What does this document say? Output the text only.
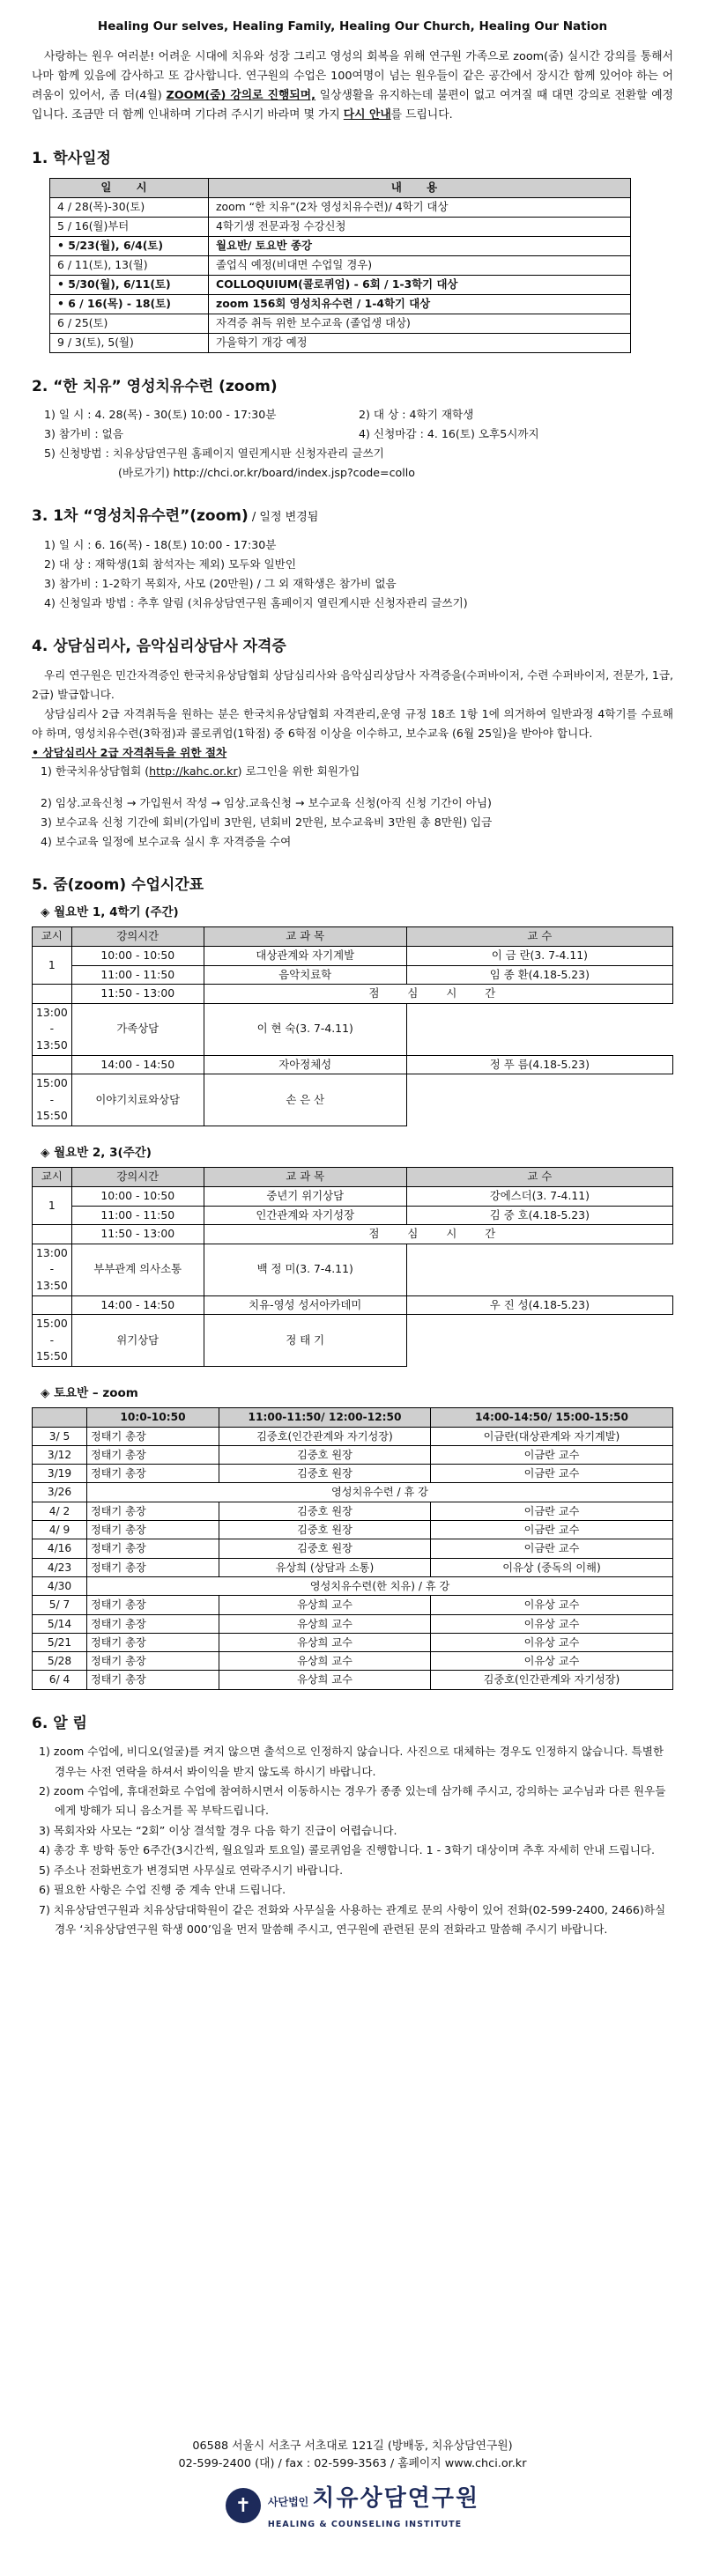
Healing Our selves, Healing Family, Healing Our Church, Healing Our Nation
사랑하는 원우 여러분! 어려운 시대에 치유와 성장 그리고 영성의 회복을 위해 연구원 가족으로 zoom(줌) 실시간 강의를 통해서나마 함께 있음에 감사하고 또 감사합니다. 연구원의 수업은 100여명이 넘는 원우들이 같은 공간에서 장시간 함께 있어야 하는 어려움이 있어서, 좀 더(4월) ZOOM(줌) 강의로 진행되며, 일상생활을 유지하는데 불편이 없고 여겨질 때 대면 강의로 전환할 예정입니다. 조금만 더 함께 인내하며 기다려 주시기 바라며 몇 가지 다시 안내를 드립니다.
1. 학사일정
일 시	내 용
4 / 28(목)-30(토)	zoom “한 치유”(2차 영성치유수련)/ 4학기 대상
5 / 16(월)부터	4학기생 전문과정 수강신청
• 5/23(월), 6/4(토)	월요반/ 토요반 종강
6 / 11(토), 13(월)	졸업식 예정(비대면 수업일 경우)
• 5/30(월), 6/11(토)	COLLOQUIUM(콜로퀴엄) - 6회 / 1-3학기 대상
• 6 / 16(목) - 18(토)	zoom 156회 영성치유수련 / 1-4학기 대상
6 / 25(토)	자격증 취득 위한 보수교육 (졸업생 대상)
9 / 3(토), 5(월)	가을학기 개강 예정
2. “한 치유” 영성치유수련 (zoom)
1) 일 시 : 4. 28(목) - 30(토) 10:00 - 17:30분	2) 대 상 : 4학기 재학생
3) 참가비 : 없음	4) 신청마감 : 4. 16(토) 오후5시까지
5) 신청방법 : 치유상담연구원 홈페이지 열린게시판 신청자관리 글쓰기
(바로가기) http://chci.or.kr/board/index.jsp?code=collo
3. 1차 “영성치유수련”(zoom) / 일정 변경됨
1) 일 시 : 6. 16(목) - 18(토) 10:00 - 17:30분
2) 대 상 : 재학생(1회 참석자는 제외) 모두와 일반인
3) 참가비 : 1-2학기 목회자, 사모 (20만원) / 그 외 재학생은 참가비 없음
4) 신청일과 방법 : 추후 알림 (치유상담연구원 홈페이지 열린게시판 신청자관리 글쓰기)
4. 상담심리사, 음악심리상담사 자격증
우리 연구원은 민간자격증인 한국치유상담협회 상담심리사와 음악심리상담사 자격증을(수퍼바이저, 수련 수퍼바이저, 전문가, 1급, 2급) 발급합니다.
상담심리사 2급 자격취득을 원하는 분은 한국치유상담협회 자격관리,운영 규정 18조 1항 1에 의거하여 일반과정 4학기를 수료해야 하며, 영성치유수련(3학점)과 콜로퀴엄(1학점) 중 6학점 이상을 이수하고, 보수교육 (6월 25일)을 받아야 합니다.
• 상담심리사 2급 자격취득을 위한 절차
1) 한국치유상담협회 (http://kahc.or.kr) 로그인을 위한 회원가입
2) 임상.교육신청 → 가입원서 작성 → 임상.교육신청 → 보수교육 신청(아직 신청 기간이 아님)
3) 보수교육 신청 기간에 회비(가입비 3만원, 년회비 2만원, 보수교육비 3만원 총 8만원) 입금
4) 보수교육 일정에 보수교육 실시 후 자격증을 수여
5. 줌(zoom) 수업시간표
◈ 월요반 1, 4학기 (주간)
교시	강의시간	교 과 목	교 수
1	10:00 - 10:50	대상관계와 자기계발	이 금 란(3. 7-4.11)
	11:00 - 11:50	음악치료학	임 종 환(4.18-5.23)
	11:50 - 13:00	점 심 시 간	
13:00 - 13:50	가족상담	이 현 숙(3. 7-4.11)	
	14:00 - 14:50	자아정체성	정 푸 름(4.18-5.23)
15:00 - 15:50	이야기치료와상담	손 은 산	
◈ 월요반 2, 3(주간)
교시	강의시간	교 과 목	교 수
1	10:00 - 10:50	중년기 위기상담	강에스더(3. 7-4.11)
	11:00 - 11:50	인간관계와 자기성장	김 중 호(4.18-5.23)
	11:50 - 13:00	점 심 시 간	
13:00 - 13:50	부부관계 의사소통	백 정 미(3. 7-4.11)	
	14:00 - 14:50	치유-영성 성서아카데미	우 진 성(4.18-5.23)
15:00 - 15:50	위기상담	정 태 기	
◈ 토요반 – zoom
	10:0-10:50	11:00-11:50/ 12:00-12:50	14:00-14:50/ 15:00-15:50
3/ 5	정태기 총장	김중호(인간관계와 자기성장)	이금란(대상관계와 자기계발)
3/12	정태기 총장	김중호 원장	이금란 교수
3/19	정태기 총장	김중호 원장	이금란 교수
3/26	영성치유수련 / 휴 강		
4/ 2	정태기 총장	김중호 원장	이금란 교수
4/ 9	정태기 총장	김중호 원장	이금란 교수
4/16	정태기 총장	김중호 원장	이금란 교수
4/23	정태기 총장	유상희 (상담과 소통)	이유상 (중독의 이해)
4/30	영성치유수련(한 치유) / 휴 강		
5/ 7	정태기 총장	유상희 교수	이유상 교수
5/14	정태기 총장	유상희 교수	이유상 교수
5/21	정태기 총장	유상희 교수	이유상 교수
5/28	정태기 총장	유상희 교수	이유상 교수
6/ 4	정태기 총장	유상희 교수	김중호(인간관계와 자기성장)
6. 알 림

1) zoom 수업에, 비디오(얼굴)를 켜지 않으면 출석으로 인정하지 않습니다. 사진으로 대체하는 경우도 인정하지 않습니다. 특별한 경우는 사전 연락을 하셔서 봐이익을 받지 않도록 하시기 바랍니다.

2) zoom 수업에, 휴대전화로 수업에 참여하시면서 이동하시는 경우가 종종 있는데 삼가해 주시고, 강의하는 교수님과 다른 원우들에게 방해가 되니 음소거를 꼭 부탁드립니다.

3) 목회자와 사모는 “2회” 이상 결석할 경우 다음 학기 진급이 어렵습니다.

4) 총강 후 방학 동안 6주간(3시간씩, 월요일과 토요일) 콜로퀴엄을 진행합니다. 1 - 3학기 대상이며 추후 자세히 안내 드립니다.

5) 주소나 전화번호가 변경되면 사무실로 연락주시기 바랍니다.

6) 필요한 사항은 수업 진행 중 계속 안내 드립니다.

7) 치유상담연구원과 치유상담대학원이 같은 전화와 사무실을 사용하는 관계로 문의 사항이 있어 전화(02-599-2400, 2466)하실 경우 ‘치유상담연구원 학생 000’임을 먼저 말씀해 주시고, 연구원에 관련된 문의 전화라고 말씀해 주시기 바랍니다.

06588 서울시 서초구 서초대로 121길 (방배동, 치유상담연구원)
02-599-2400 (대) / fax : 02-599-3563 / 홈페이지 www.chci.or.kr
✝	사단법인 치유상담연구원
HEALING & COUNSELING INSTITUTE
